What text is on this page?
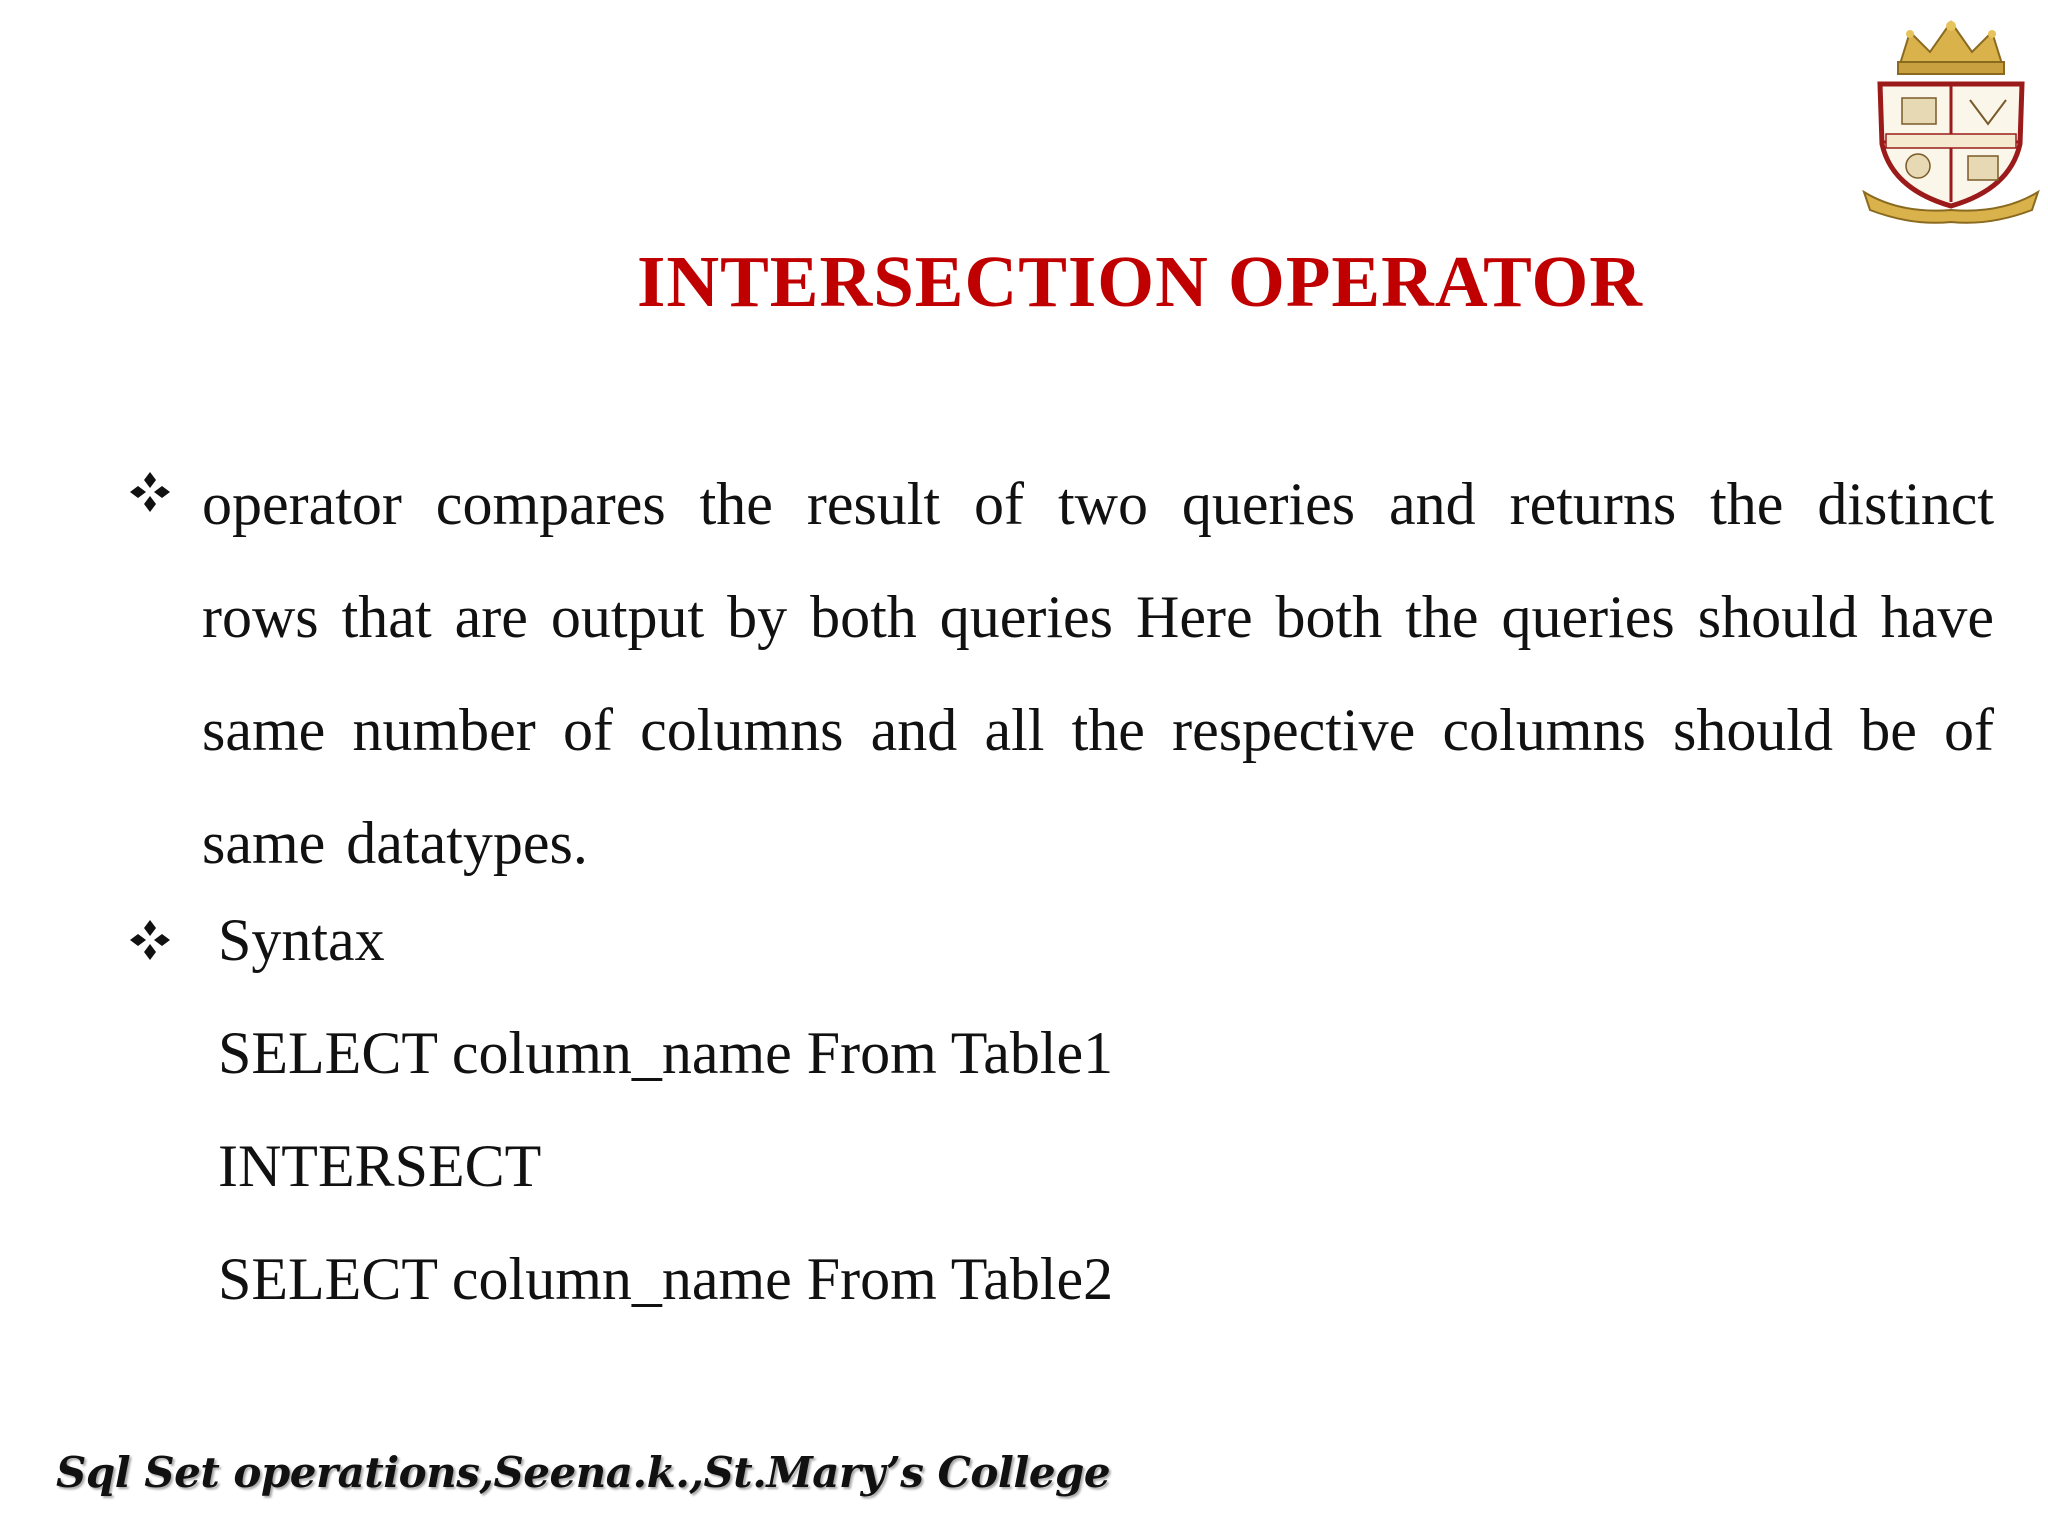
INTERSECTION OPERATOR
operator compares the result of two queries and returns the distinct rows that are output by both queries Here both the queries should have same number of columns and all the respective columns should be of same datatypes.
Syntax
SELECT column_name From Table1
INTERSECT
SELECT column_name From Table2
Sql Set operations,Seena.k.,St.Mary’s College
